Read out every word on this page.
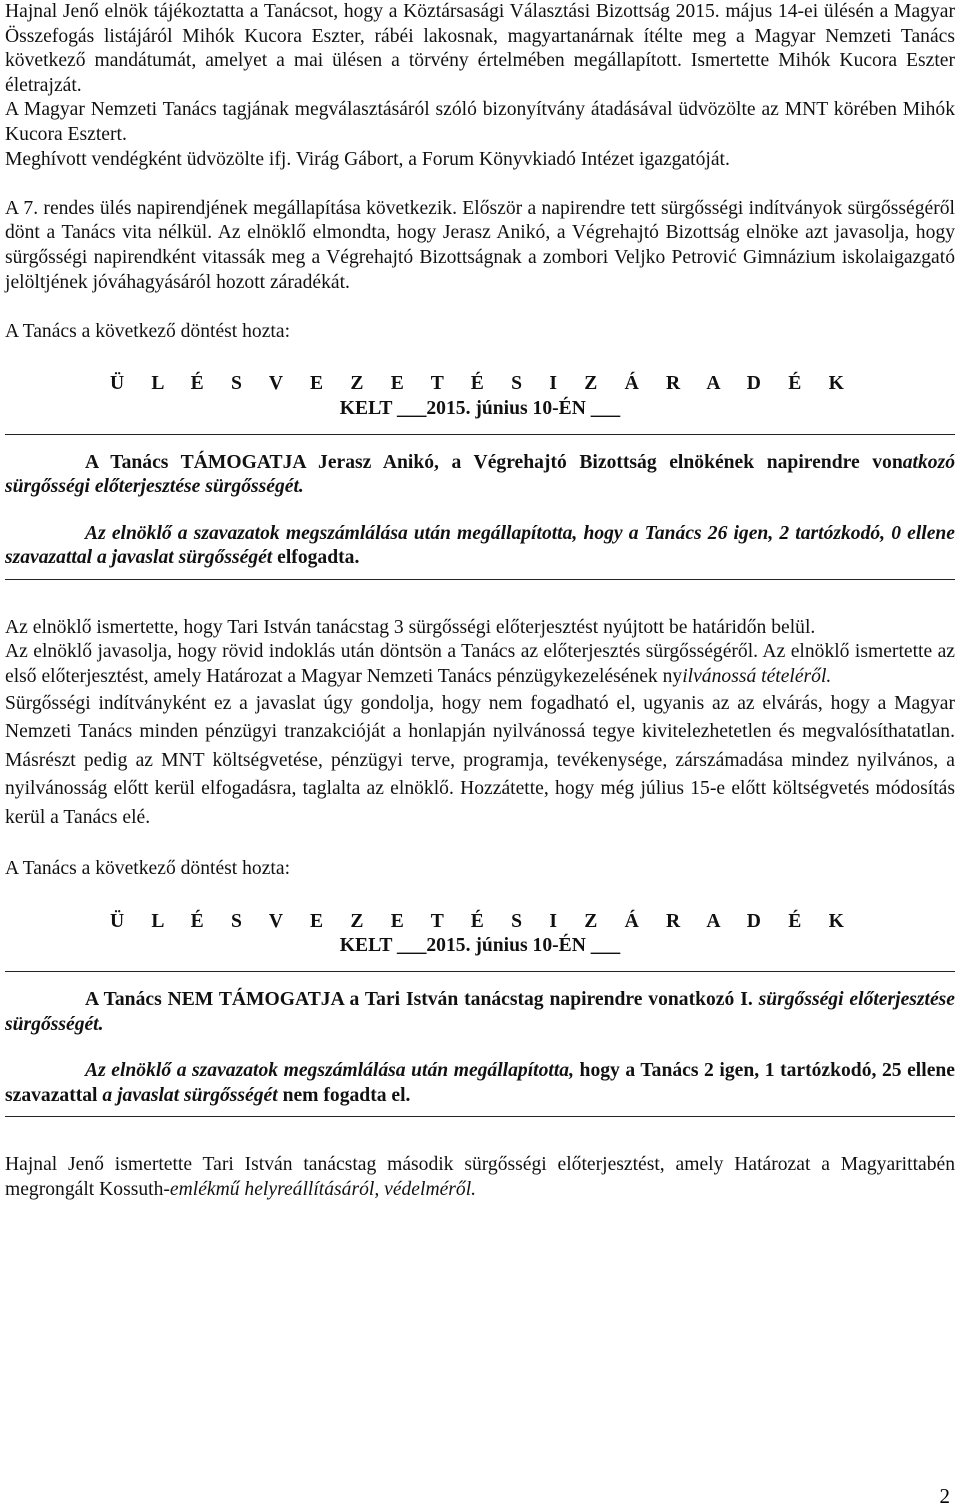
Hajnal Jenő elnök tájékoztatta a Tanácsot, hogy a Köztársasági Választási Bizottság 2015. május 14-ei ülésén a Magyar Összefogás listájáról Mihók Kucora Eszter, rábéi lakosnak, magyartanárnak ítélte meg a Magyar Nemzeti Tanács következő mandátumát, amelyet a mai ülésen a törvény értelmében megállapított. Ismertette Mihók Kucora Eszter életrajzát.

A Magyar Nemzeti Tanács tagjának megválasztásáról szóló bizonyítvány átadásával üdvözölte az MNT körében Mihók Kucora Esztert.

Meghívott vendégként üdvözölte ifj. Virág Gábort, a Forum Könyvkiadó Intézet igazgatóját.

A 7. rendes ülés napirendjének megállapítása következik. Először a napirendre tett sürgősségi indítványok sürgősségéről dönt a Tanács vita nélkül. Az elnöklő elmondta, hogy Jerasz Anikó, a Végrehajtó Bizottság elnöke azt javasolja, hogy sürgősségi napirendként vitassák meg a Végrehajtó Bizottságnak a zombori Veljko Petrović Gimnázium iskolaigazgató jelöltjének jóváhagyásáról hozott záradékát.

A Tanács a következő döntést hozta:

Ü L É S V E Z E T É S I Z Á R A D É K

KELT ___2015. június 10-ÉN ___

A Tanács TÁMOGATJA Jerasz Anikó, a Végrehajtó Bizottság elnökének napirendre vonatkozó sürgősségi előterjesztése sürgősségét.

Az elnöklő a szavazatok megszámlálása után megállapította, hogy a Tanács 26 igen, 2 tartózkodó, 0 ellene szavazattal a javaslat sürgősségét elfogadta.

Az elnöklő ismertette, hogy Tari István tanácstag 3 sürgősségi előterjesztést nyújtott be határidőn belül.

Az elnöklő javasolja, hogy rövid indoklás után döntsön a Tanács az előterjesztés sürgősségéről. Az elnöklő ismertette az első előterjesztést, amely Határozat a Magyar Nemzeti Tanács pénzügykezelésének nyilvánossá tételéről.

Sürgősségi indítványként ez a javaslat úgy gondolja, hogy nem fogadható el, ugyanis az az elvárás, hogy a Magyar Nemzeti Tanács minden pénzügyi tranzakcióját a honlapján nyilvánossá tegye kivitelezhetetlen és megvalósíthatatlan. Másrészt pedig az MNT költségvetése, pénzügyi terve, programja, tevékenysége, zárszámadása mindez nyilvános, a nyilvánosság előtt kerül elfogadásra, taglalta az elnöklő. Hozzátette, hogy még július 15-e előtt költségvetés módosítás kerül a Tanács elé.

A Tanács a következő döntést hozta:

Ü L É S V E Z E T É S I Z Á R A D É K

KELT ___2015. június 10-ÉN ___

A Tanács NEM TÁMOGATJA a Tari István tanácstag napirendre vonatkozó I. sürgősségi előterjesztése sürgősségét.

Az elnöklő a szavazatok megszámlálása után megállapította, hogy a Tanács 2 igen, 1 tartózkodó, 25 ellene szavazattal a javaslat sürgősségét nem fogadta el.

Hajnal Jenő ismertette Tari István tanácstag második sürgősségi előterjesztést, amely Határozat a Magyarittabén megrongált Kossuth-emlékmű helyreállításáról, védelméről.

2
